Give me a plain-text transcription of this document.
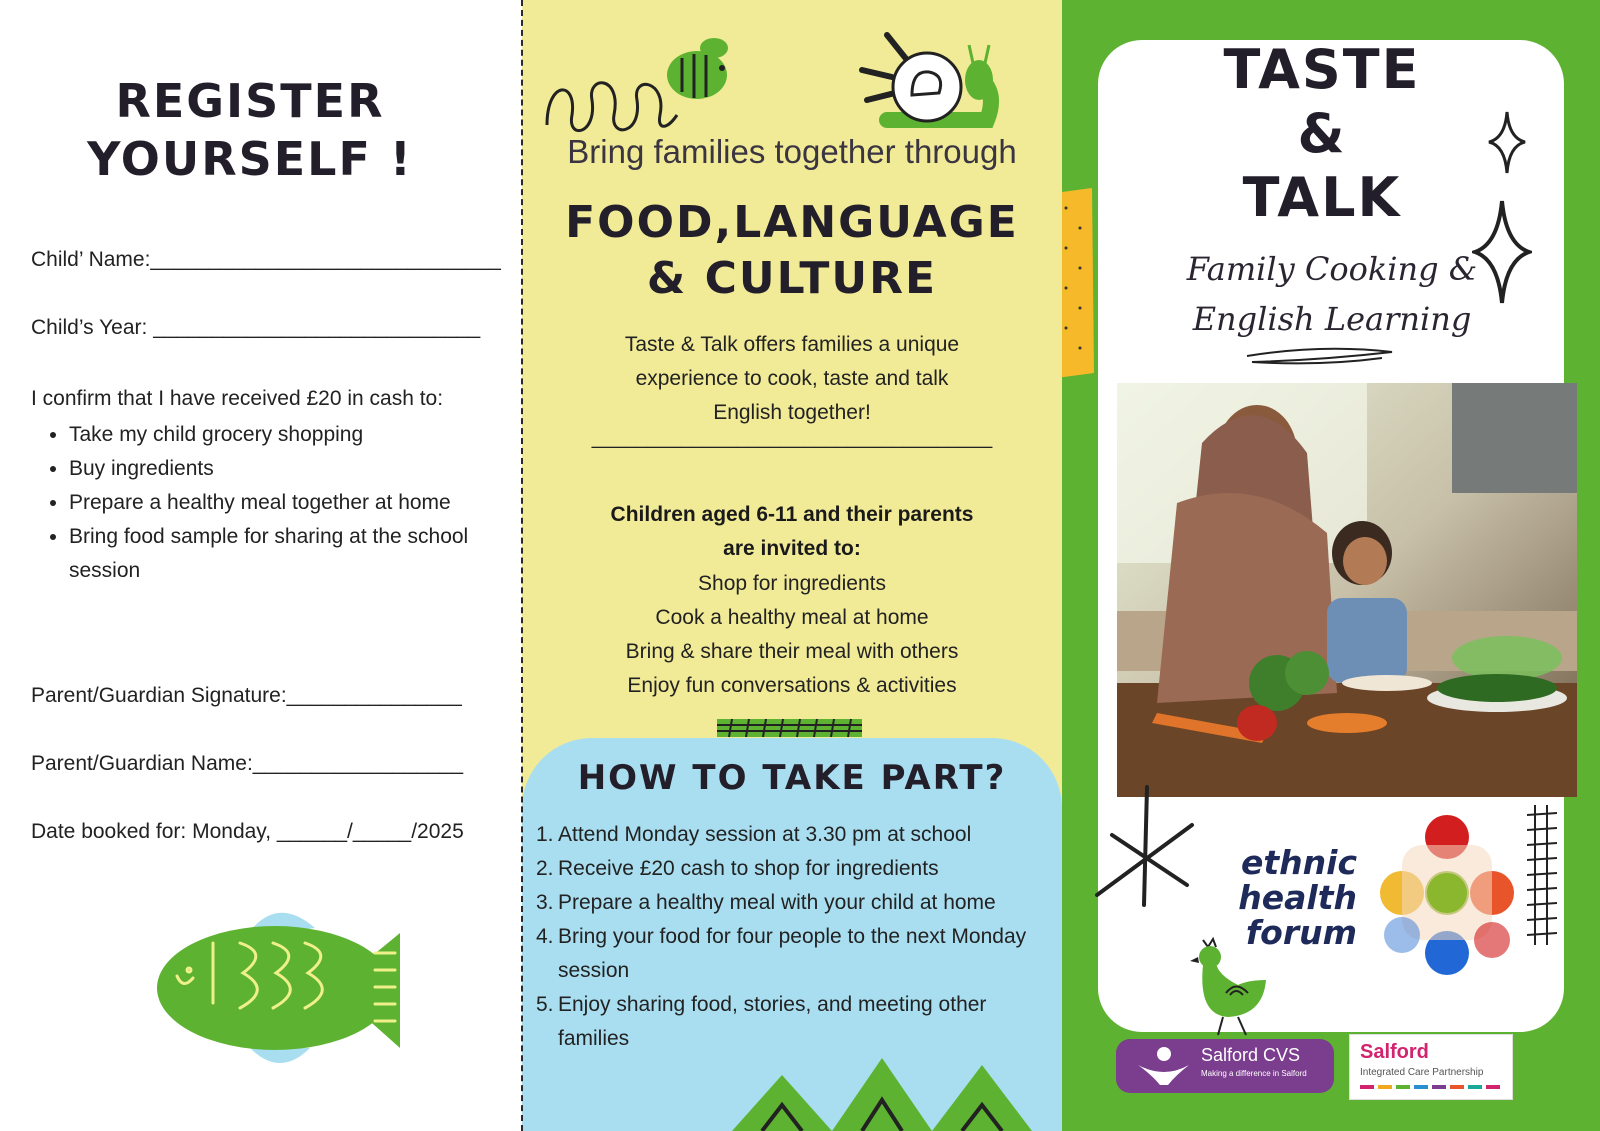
REGISTER
YOURSELF !
Child’ Name:______________________________
Child’s Year: ____________________________
I confirm that I have received £20 in cash to:
• Take my child grocery shopping
• Buy ingredients
• Prepare a healthy meal together at home
• Bring food sample for sharing at the school session
Parent/Guardian Signature:_______________
Parent/Guardian Name:__________________
Date booked for: Monday, ______/_____/2025
Bring families together through
FOOD,LANGUAGE
& CULTURE
Taste & Talk offers families a unique
experience to cook, taste and talk
English together!
____________________________________
Children aged 6-11 and their parents
are invited to:
Shop for ingredients
Cook a healthy meal at home
Bring & share their meal with others
Enjoy fun conversations & activities
HOW TO TAKE PART?
1. Attend Monday session at 3.30 pm at school
2. Receive £20 cash to shop for ingredients
3. Prepare a healthy meal with your child at home
4. Bring your food for four people to the next Monday session
5. Enjoy sharing food, stories, and meeting other families
TASTE
&
TALK
Family Cooking &
English Learning
ethnic
health
forum
Salford CVS
Making a difference in Salford
Salford
Integrated Care Partnership
